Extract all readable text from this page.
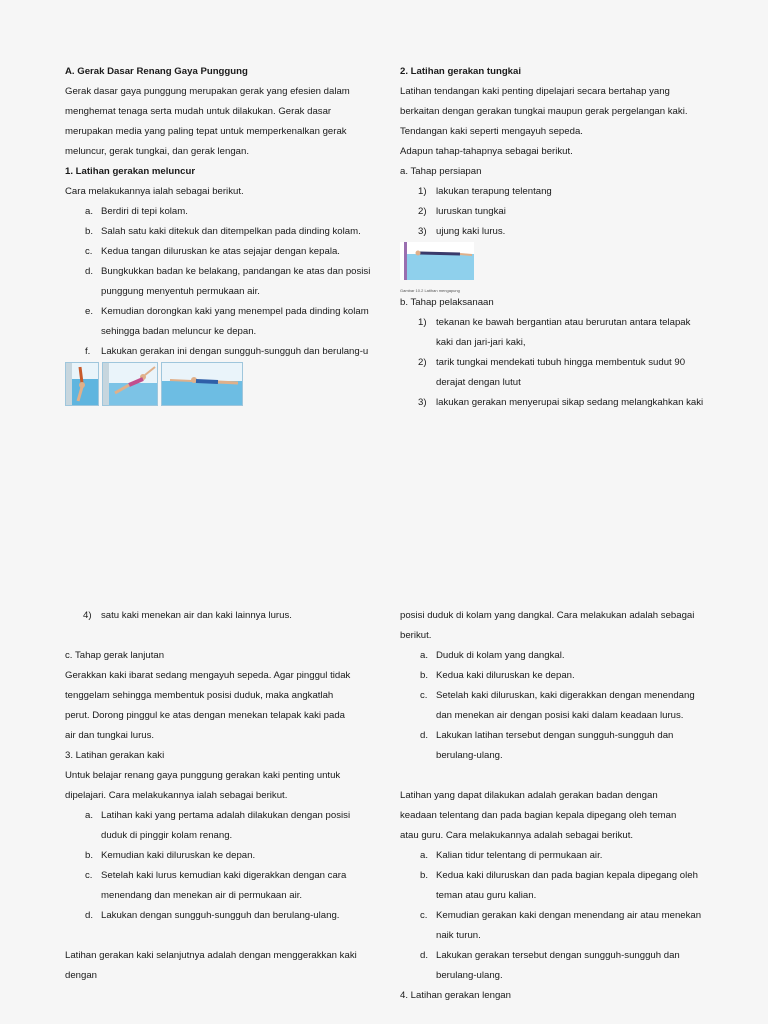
A. Gerak Dasar Renang Gaya Punggung

Gerak dasar gaya punggung merupakan gerak yang efesien dalam

menghemat tenaga serta mudah untuk dilakukan. Gerak dasar

merupakan media yang paling tepat untuk memperkenalkan gerak

meluncur, gerak tungkai, dan gerak lengan.

1. Latihan gerakan meluncur

Cara melakukannya ialah sebagai berikut.

a. Berdiri di tepi kolam.
b. Salah satu kaki ditekuk dan ditempelkan pada dinding kolam.
c. Kedua tangan diluruskan ke atas sejajar dengan kepala.
d. Bungkukkan badan ke belakang, pandangan ke atas dan posisi punggung menyentuh permukaan air.
e. Kemudian dorongkan kaki yang menempel pada dinding kolam sehingga badan meluncur ke depan.
f.	Lakukan gerakan ini dengan sungguh-sungguh dan berulang-u

2. Latihan gerakan tungkai

Latihan tendangan kaki penting dipelajari secara bertahap yang

berkaitan dengan gerakan tungkai maupun gerak pergelangan kaki.

Tendangan kaki seperti mengayuh sepeda.

Adapun tahap-tahapnya sebagai berikut.

a. Tahap persiapan

1) lakukan terapung telentang
2) luruskan tungkai
3) ujung kaki lurus.
Gambar 10.2 Latihan mengapung

b. Tahap pelaksanaan

1) tekanan ke bawah bergantian atau berurutan antara telapak kaki dan jari-jari kaki,
2) tarik tungkai mendekati tubuh hingga membentuk sudut 90 derajat dengan lutut
3) lakukan gerakan menyerupai sikap sedang melangkahkan kaki
4) satu kaki menekan air dan kaki lainnya lurus.

c. Tahap gerak lanjutan

Gerakkan kaki ibarat sedang mengayuh sepeda. Agar pinggul tidak

tenggelam sehingga membentuk posisi duduk, maka angkatlah

perut. Dorong pinggul ke atas dengan menekan telapak kaki pada

air dan tungkai lurus.

3. Latihan gerakan kaki

Untuk belajar renang gaya punggung gerakan kaki penting untuk

dipelajari. Cara melakukannya ialah sebagai berikut.

a. Latihan kaki yang pertama adalah dilakukan dengan posisi duduk di pinggir kolam renang.
b. Kemudian kaki diluruskan ke depan.
c. Setelah kaki lurus kemudian kaki digerakkan dengan cara menendang dan menekan air di permukaan air.
d. Lakukan dengan sungguh-sungguh dan berulang-ulang.

Latihan gerakan kaki selanjutnya adalah dengan menggerakkan kaki

dengan

posisi duduk di kolam yang dangkal. Cara melakukan adalah sebagai

berikut.

a. Duduk di kolam yang dangkal.
b. Kedua kaki diluruskan ke depan.
c. Setelah kaki diluruskan, kaki digerakkan dengan menendang dan menekan air dengan posisi kaki dalam keadaan lurus.
d. Lakukan latihan tersebut dengan sungguh-sungguh dan berulang-ulang.

Latihan yang dapat dilakukan adalah gerakan badan dengan

keadaan telentang dan pada bagian kepala dipegang oleh teman

atau guru. Cara melakukannya adalah sebagai berikut.

a. Kalian tidur telentang di permukaan air.
b. Kedua kaki diluruskan dan pada bagian kepala dipegang oleh teman atau guru kalian.
c. Kemudian gerakan kaki dengan menendang air atau menekan naik turun.
d. Lakukan gerakan tersebut dengan sungguh-sungguh dan berulang-ulang.

4. Latihan gerakan lengan
